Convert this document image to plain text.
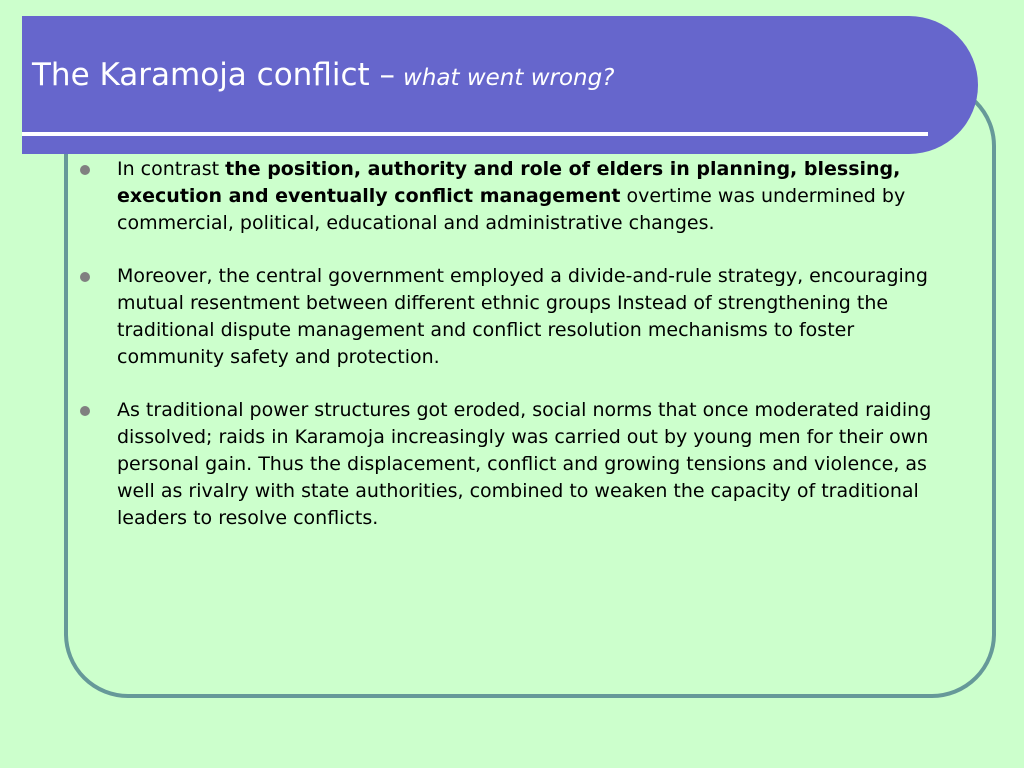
The Karamoja conflict – what went wrong?
In contrast the position, authority and role of elders in planning, blessing, execution and eventually conflict management overtime was undermined by commercial, political, educational and administrative changes.
Moreover, the central government employed a divide-and-rule strategy, encouraging mutual resentment between different ethnic groups Instead of strengthening the traditional dispute management and conflict resolution mechanisms to foster community safety and protection.
As traditional power structures got eroded, social norms that once moderated raiding dissolved; raids in Karamoja increasingly was carried out by young men for their own personal gain. Thus the displacement, conflict and growing tensions and violence, as well as rivalry with state authorities, combined to weaken the capacity of traditional leaders to resolve conflicts.
